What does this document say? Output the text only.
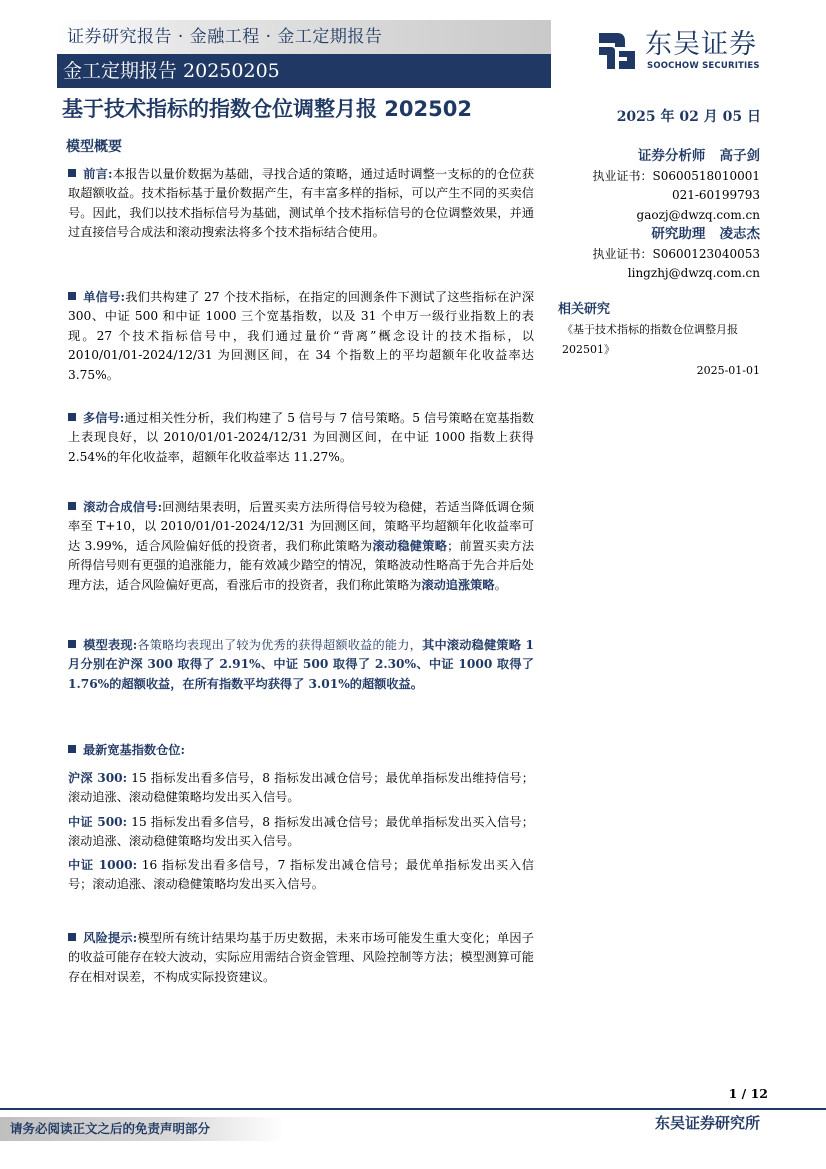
证券研究报告 · 金融工程 · 金工定期报告
金工定期报告 20250205
东吴证券
SOOCHOW SECURITIES
基于技术指标的指数仓位调整月报 202502	2025 年 02 月 05 日
模型概要
前言:本报告以量价数据为基础，寻找合适的策略，通过适时调整一支标的的仓位获取超额收益。技术指标基于量价数据产生，有丰富多样的指标，可以产生不同的买卖信号。因此，我们以技术指标信号为基础，测试单个技术指标信号的仓位调整效果，并通过直接信号合成法和滚动搜索法将多个技术指标结合使用。
单信号:我们共构建了 27 个技术指标，在指定的回测条件下测试了这些指标在沪深 300、中证 500 和中证 1000 三个宽基指数，以及 31 个申万一级行业指数上的表现。27 个技术指标信号中，我们通过量价“背离”概念设计的技术指标，以 2010/01/01-2024/12/31 为回测区间，在 34 个指数上的平均超额年化收益率达 3.75%。
多信号:通过相关性分析，我们构建了 5 信号与 7 信号策略。5 信号策略在宽基指数上表现良好，以 2010/01/01-2024/12/31 为回测区间，在中证 1000 指数上获得 2.54%的年化收益率，超额年化收益率达 11.27%。
滚动合成信号:回测结果表明，后置买卖方法所得信号较为稳健，若适当降低调仓频率至 T+10，以 2010/01/01-2024/12/31 为回测区间，策略平均超额年化收益率可达 3.99%，适合风险偏好低的投资者，我们称此策略为滚动稳健策略；前置买卖方法所得信号则有更强的追涨能力，能有效减少踏空的情况，策略波动性略高于先合并后处理方法，适合风险偏好更高，看涨后市的投资者，我们称此策略为滚动追涨策略。
模型表现:各策略均表现出了较为优秀的获得超额收益的能力，其中滚动稳健策略 1 月分别在沪深 300 取得了 2.91%、中证 500 取得了 2.30%、中证 1000 取得了 1.76%的超额收益，在所有指数平均获得了 3.01%的超额收益。
最新宽基指数仓位:
沪深 300: 15 指标发出看多信号，8 指标发出减仓信号；最优单指标发出维持信号；滚动追涨、滚动稳健策略均发出买入信号。
中证 500: 15 指标发出看多信号，8 指标发出减仓信号；最优单指标发出买入信号；滚动追涨、滚动稳健策略均发出买入信号。
中证 1000: 16 指标发出看多信号，7 指标发出减仓信号；最优单指标发出买入信号；滚动追涨、滚动稳健策略均发出买入信号。
风险提示:模型所有统计结果均基于历史数据，未来市场可能发生重大变化；单因子的收益可能存在较大波动，实际应用需结合资金管理、风险控制等方法；模型测算可能存在相对误差，不构成实际投资建议。
证券分析师 高子剑
执业证书：S0600518010001
021-60199793
gaozj@dwzq.com.cn
研究助理 凌志杰
执业证书：S0600123040053
lingzhj@dwzq.com.cn
相关研究
《基于技术指标的指数仓位调整月报 202501》
2025-01-01
1 / 12
请务必阅读正文之后的免责声明部分	东吴证券研究所
